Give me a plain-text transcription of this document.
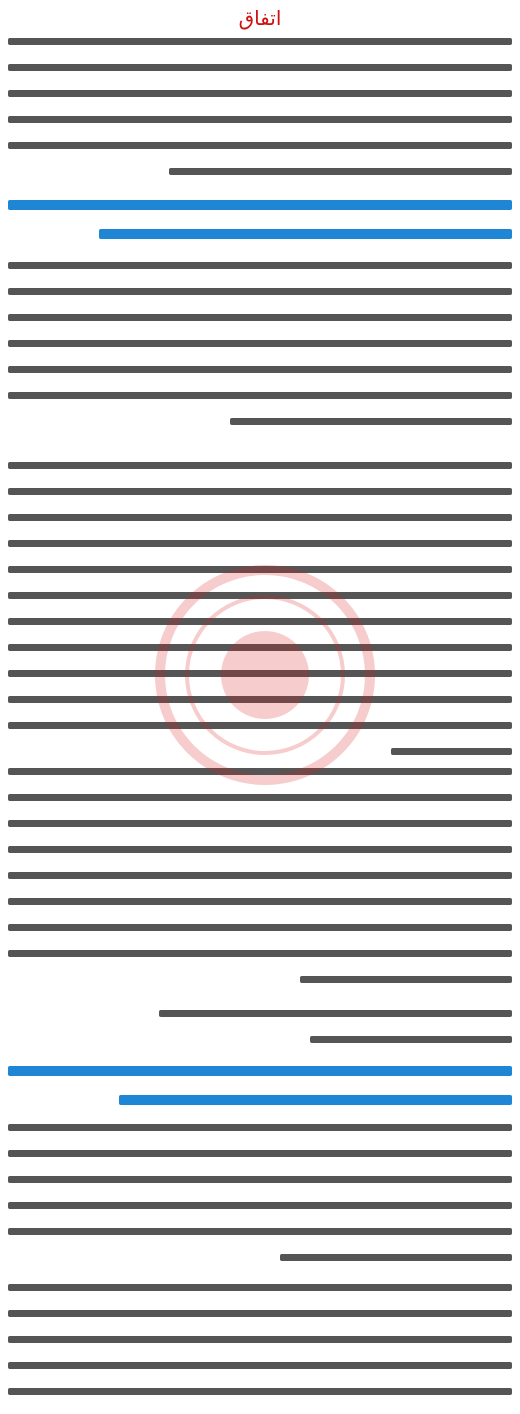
اتفاق
